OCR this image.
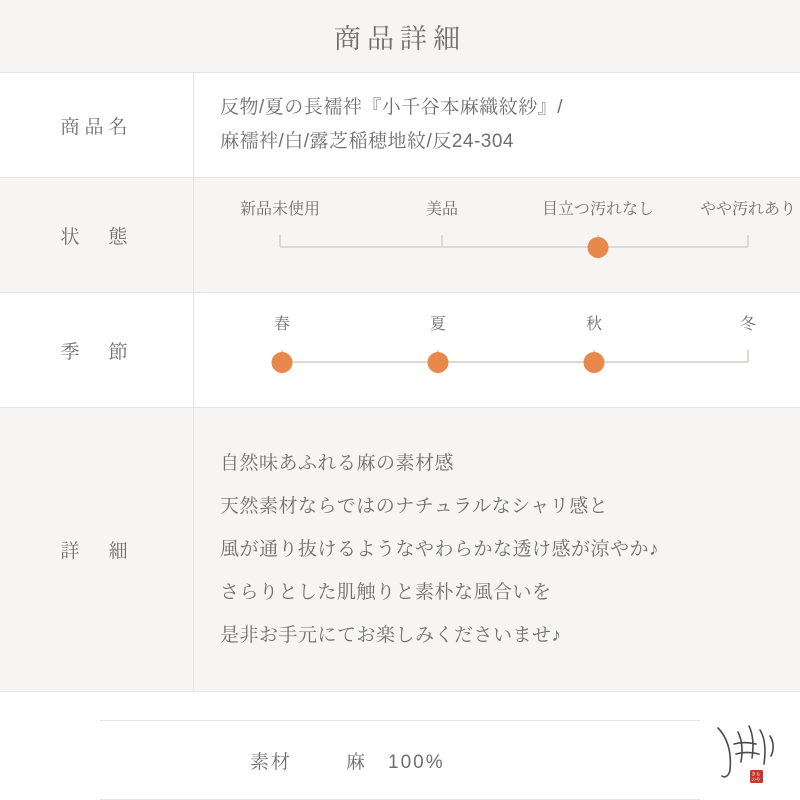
商品詳細
商品名
反物/夏の長襦袢『小千谷本麻織紋紗』/
麻襦袢/白/露芝稲穂地紋/反24-304
状　態
新品未使用	美品	目立つ汚れなし	やや汚れあり
季　節
春	夏	秋	冬
詳　細
自然味あふれる麻の素材感
天然素材ならではのナチュラルなシャリ感と
風が通り抜けるようなやわらかな透け感が涼やか♪
さらりとした肌触りと素朴な風合いを
是非お手元にてお楽しみくださいませ♪
素材	麻　100%
きも
のや
